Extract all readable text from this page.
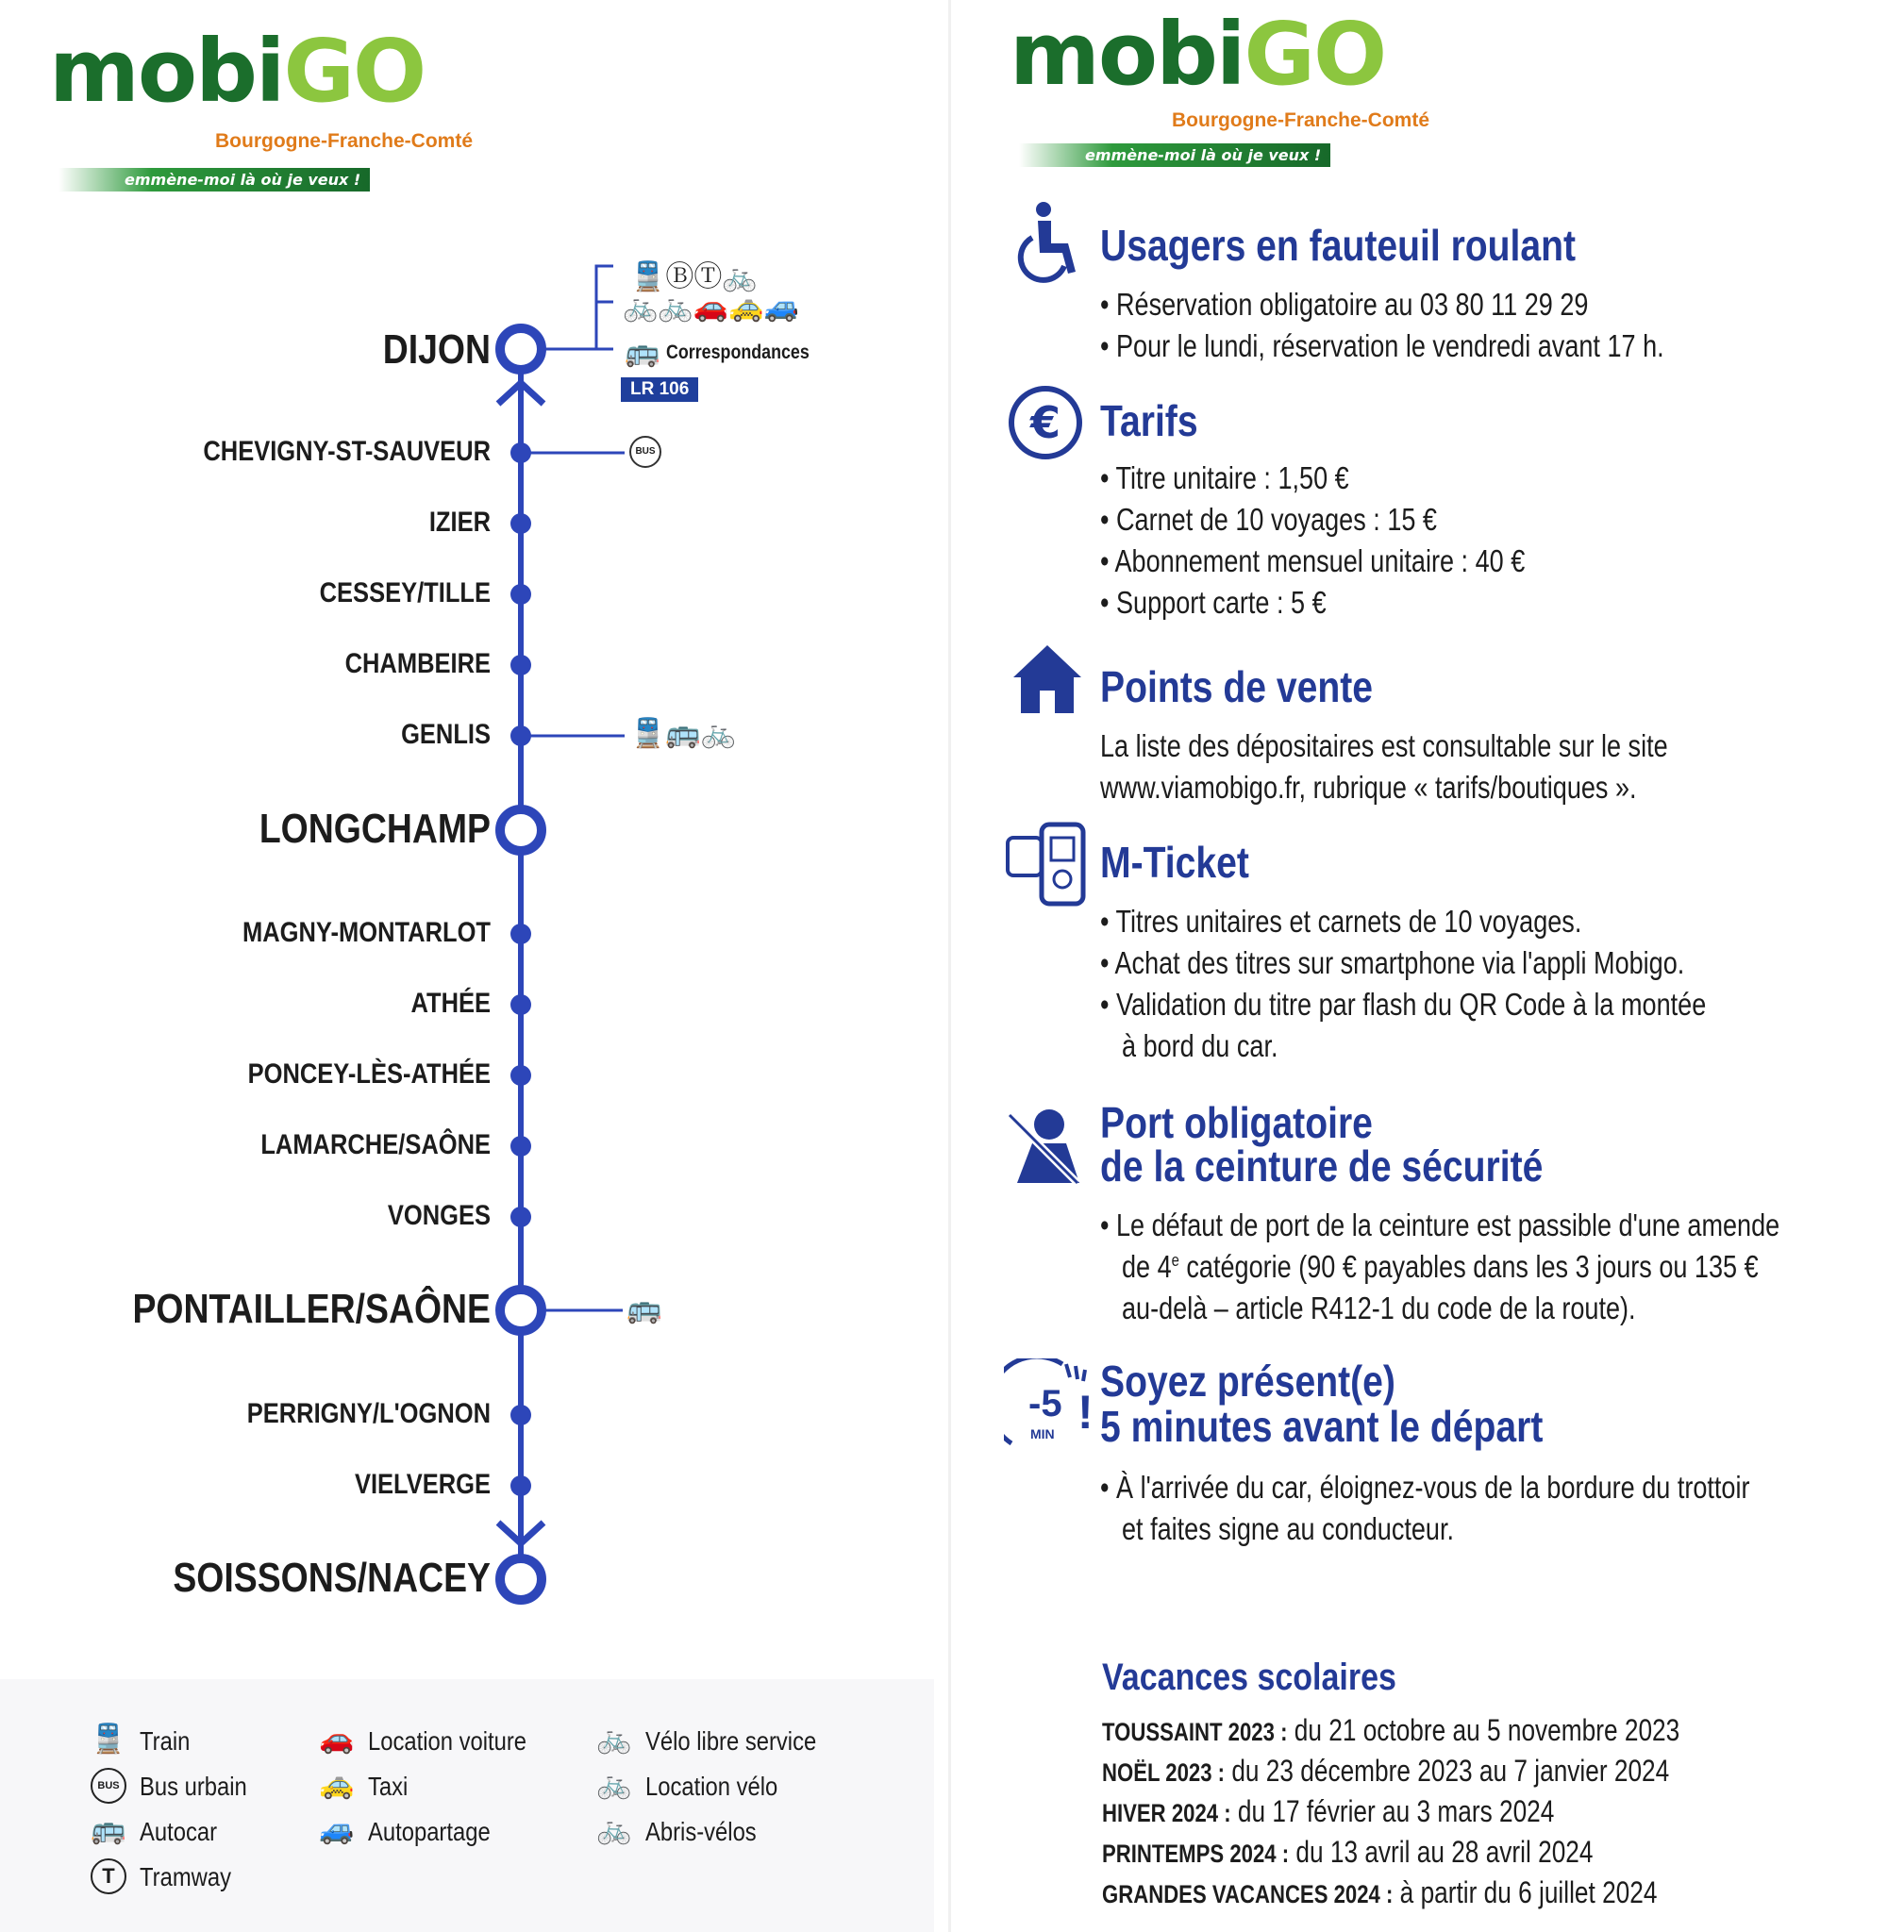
mobiGO
Bourgogne-Franche-Comté
emmène-moi là où je veux !
DIJON
CHEVIGNY-ST-SAUVEUR
IZIER
CESSEY/TILLE
CHAMBEIRE
GENLIS
LONGCHAMP
MAGNY-MONTARLOT
ATHÉE
PONCEY-LÈS-ATHÉE
LAMARCHE/SAÔNE
VONGES
PONTAILLER/SAÔNE
PERRIGNY/L'OGNON
VIELVERGE
SOISSONS/NACEY
🚆ⒷⓉ🚲
🚲🚲🚗🚕🚙
🚌 Correspondances
LR 106
BUS
🚆🚌🚲
🚌
🚆 Train
BUS Bus urbain
🚌 Autocar
T Tramway
🚗 Location voiture
🚕 Taxi
🚙 Autopartage
🚲 Vélo libre service
🚲 Location vélo
🚲 Abris-vélos
mobiGO
Bourgogne-Franche-Comté
emmène-moi là où je veux !
Usagers en fauteuil roulant
• Réservation obligatoire au 03 80 11 29 29
• Pour le lundi, réservation le vendredi avant 17 h.
€ Tarifs
• Titre unitaire : 1,50 €
• Carnet de 10 voyages : 15 €
• Abonnement mensuel unitaire : 40 €
• Support carte : 5 €
Points de vente
La liste des dépositaires est consultable sur le site
www.viamobigo.fr, rubrique « tarifs/boutiques ».
M-Ticket
• Titres unitaires et carnets de 10 voyages.
• Achat des titres sur smartphone via l'appli Mobigo.
• Validation du titre par flash du QR Code à la montée
à bord du car.
Port obligatoire
de la ceinture de sécurité
• Le défaut de port de la ceinture est passible d'une amende
de 4e catégorie (90 € payables dans les 3 jours ou 135 €
au-delà – article R412-1 du code de la route).
-5
MIN !
Soyez présent(e)
5 minutes avant le départ
• À l'arrivée du car, éloignez-vous de la bordure du trottoir
et faites signe au conducteur.
Vacances scolaires
TOUSSAINT 2023 : du 21 octobre au 5 novembre 2023
NOËL 2023 : du 23 décembre 2023 au 7 janvier 2024
HIVER 2024 : du 17 février au 3 mars 2024
PRINTEMPS 2024 : du 13 avril au 28 avril 2024
GRANDES VACANCES 2024 : à partir du 6 juillet 2024
